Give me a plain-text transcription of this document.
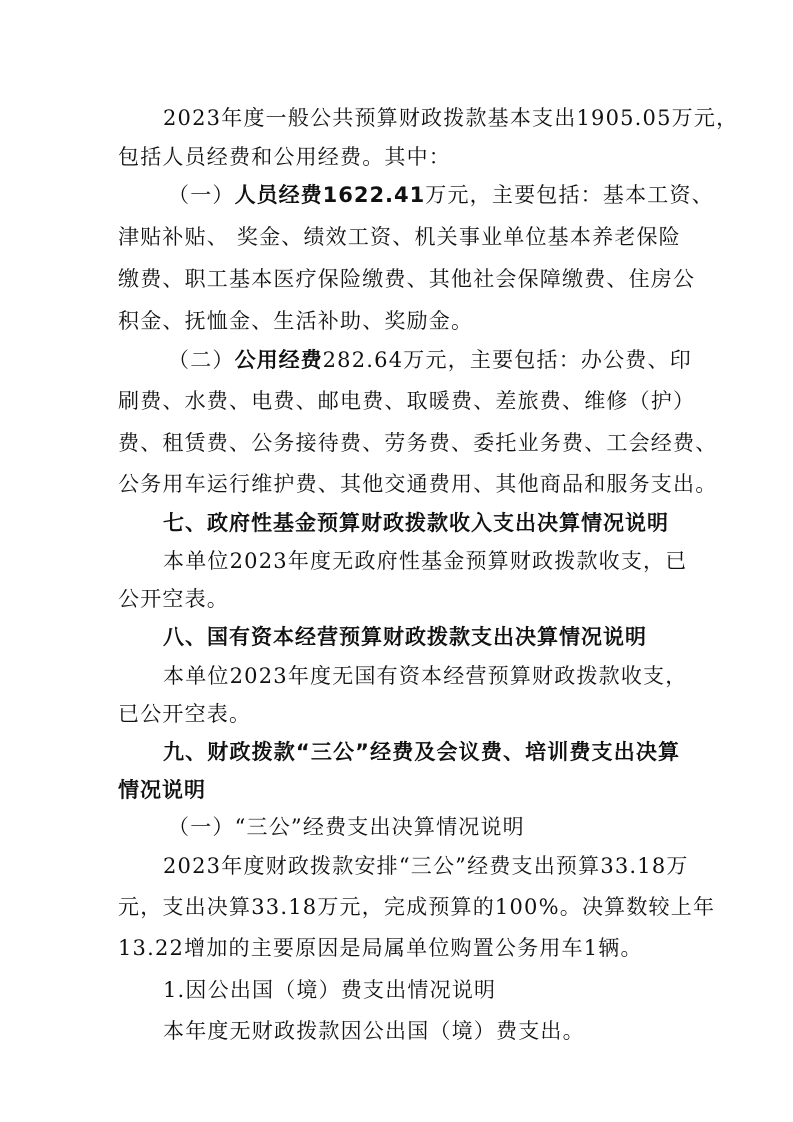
2023年度一般公共预算财政拨款基本支出1905.05万元，
包括人员经费和公用经费。其中：
（一）人员经费1622.41万元，主要包括：基本工资、
津贴补贴、 奖金、绩效工资、机关事业单位基本养老保险
缴费、职工基本医疗保险缴费、其他社会保障缴费、住房公
积金、抚恤金、生活补助、奖励金。
（二）公用经费282.64万元，主要包括：办公费、印
刷费、水费、电费、邮电费、取暖费、差旅费、维修（护）
费、租赁费、公务接待费、劳务费、委托业务费、工会经费、
公务用车运行维护费、其他交通费用、其他商品和服务支出。
七、政府性基金预算财政拨款收入支出决算情况说明
本单位2023年度无政府性基金预算财政拨款收支，已
公开空表。
八、国有资本经营预算财政拨款支出决算情况说明
本单位2023年度无国有资本经营预算财政拨款收支，
已公开空表。
九、财政拨款“三公”经费及会议费、培训费支出决算
情况说明
（一）“三公”经费支出决算情况说明
2023年度财政拨款安排“三公”经费支出预算33.18万
元，支出决算33.18万元，完成预算的100%。决算数较上年
13.22增加的主要原因是局属单位购置公务用车1辆。
1.因公出国（境）费支出情况说明
本年度无财政拨款因公出国（境）费支出。
